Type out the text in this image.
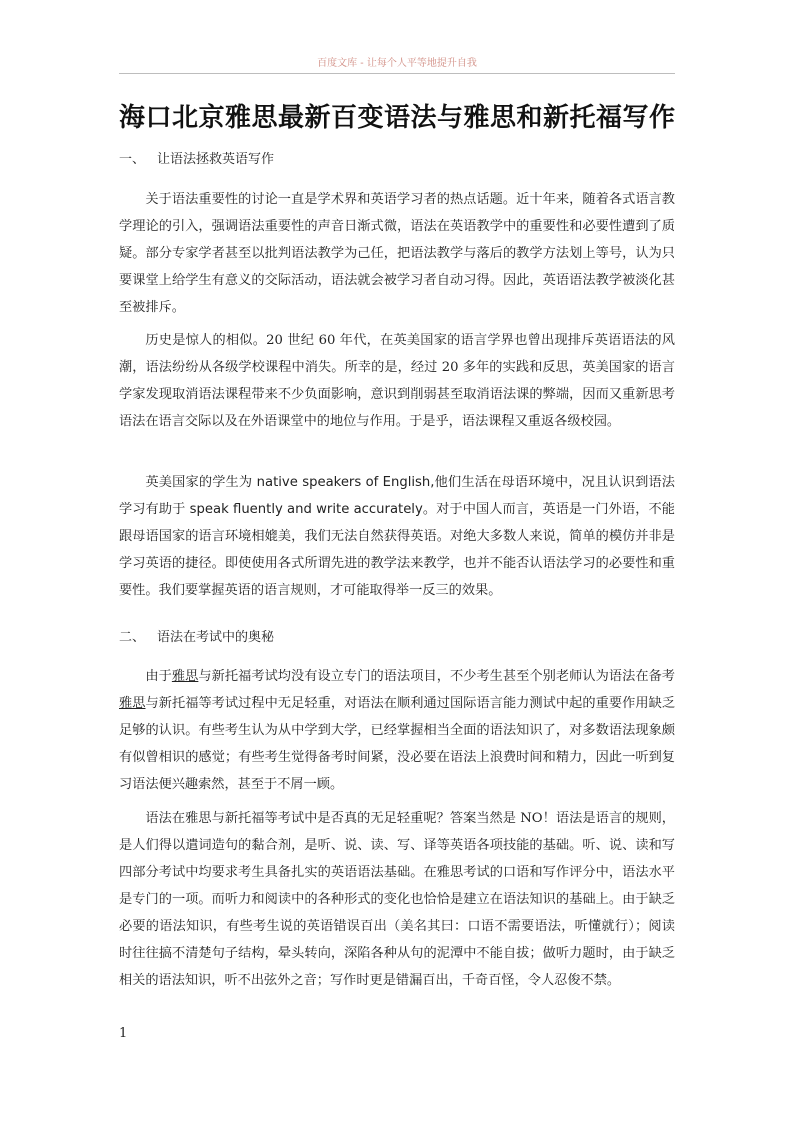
百度文库 - 让每个人平等地提升自我
海口北京雅思最新百变语法与雅思和新托福写作
一、 让语法拯救英语写作

关于语法重要性的讨论一直是学术界和英语学习者的热点话题。近十年来，随着各式语言教学理论的引入，强调语法重要性的声音日渐式微，语法在英语教学中的重要性和必要性遭到了质疑。部分专家学者甚至以批判语法教学为己任，把语法教学与落后的教学方法划上等号，认为只要课堂上给学生有意义的交际活动，语法就会被学习者自动习得。因此，英语语法教学被淡化甚至被排斥。

历史是惊人的相似。20 世纪 60 年代，在英美国家的语言学界也曾出现排斥英语语法的风潮，语法纷纷从各级学校课程中消失。所幸的是，经过 20 多年的实践和反思，英美国家的语言学家发现取消语法课程带来不少负面影响，意识到削弱甚至取消语法课的弊端，因而又重新思考语法在语言交际以及在外语课堂中的地位与作用。于是乎，语法课程又重返各级校园。

英美国家的学生为 native speakers of English,他们生活在母语环境中，况且认识到语法学习有助于 speak fluently and write accurately。对于中国人而言，英语是一门外语，不能跟母语国家的语言环境相媲美，我们无法自然获得英语。对绝大多数人来说，简单的模仿并非是学习英语的捷径。即使使用各式所谓先进的教学法来教学，也并不能否认语法学习的必要性和重要性。我们要掌握英语的语言规则，才可能取得举一反三的效果。

二、 语法在考试中的奥秘

由于雅思与新托福考试均没有设立专门的语法项目，不少考生甚至个别老师认为语法在备考雅思与新托福等考试过程中无足轻重，对语法在顺利通过国际语言能力测试中起的重要作用缺乏足够的认识。有些考生认为从中学到大学，已经掌握相当全面的语法知识了，对多数语法现象颇有似曾相识的感觉；有些考生觉得备考时间紧，没必要在语法上浪费时间和精力，因此一听到复习语法便兴趣索然，甚至于不屑一顾。

语法在雅思与新托福等考试中是否真的无足轻重呢？答案当然是 NO！语法是语言的规则，是人们得以遣词造句的黏合剂，是听、说、读、写、译等英语各项技能的基础。听、说、读和写四部分考试中均要求考生具备扎实的英语语法基础。在雅思考试的口语和写作评分中，语法水平是专门的一项。而听力和阅读中的各种形式的变化也恰恰是建立在语法知识的基础上。由于缺乏必要的语法知识，有些考生说的英语错误百出（美名其曰：口语不需要语法，听懂就行）；阅读时往往搞不清楚句子结构，晕头转向，深陷各种从句的泥潭中不能自拔；做听力题时，由于缺乏相关的语法知识，听不出弦外之音；写作时更是错漏百出，千奇百怪，令人忍俊不禁。

1
